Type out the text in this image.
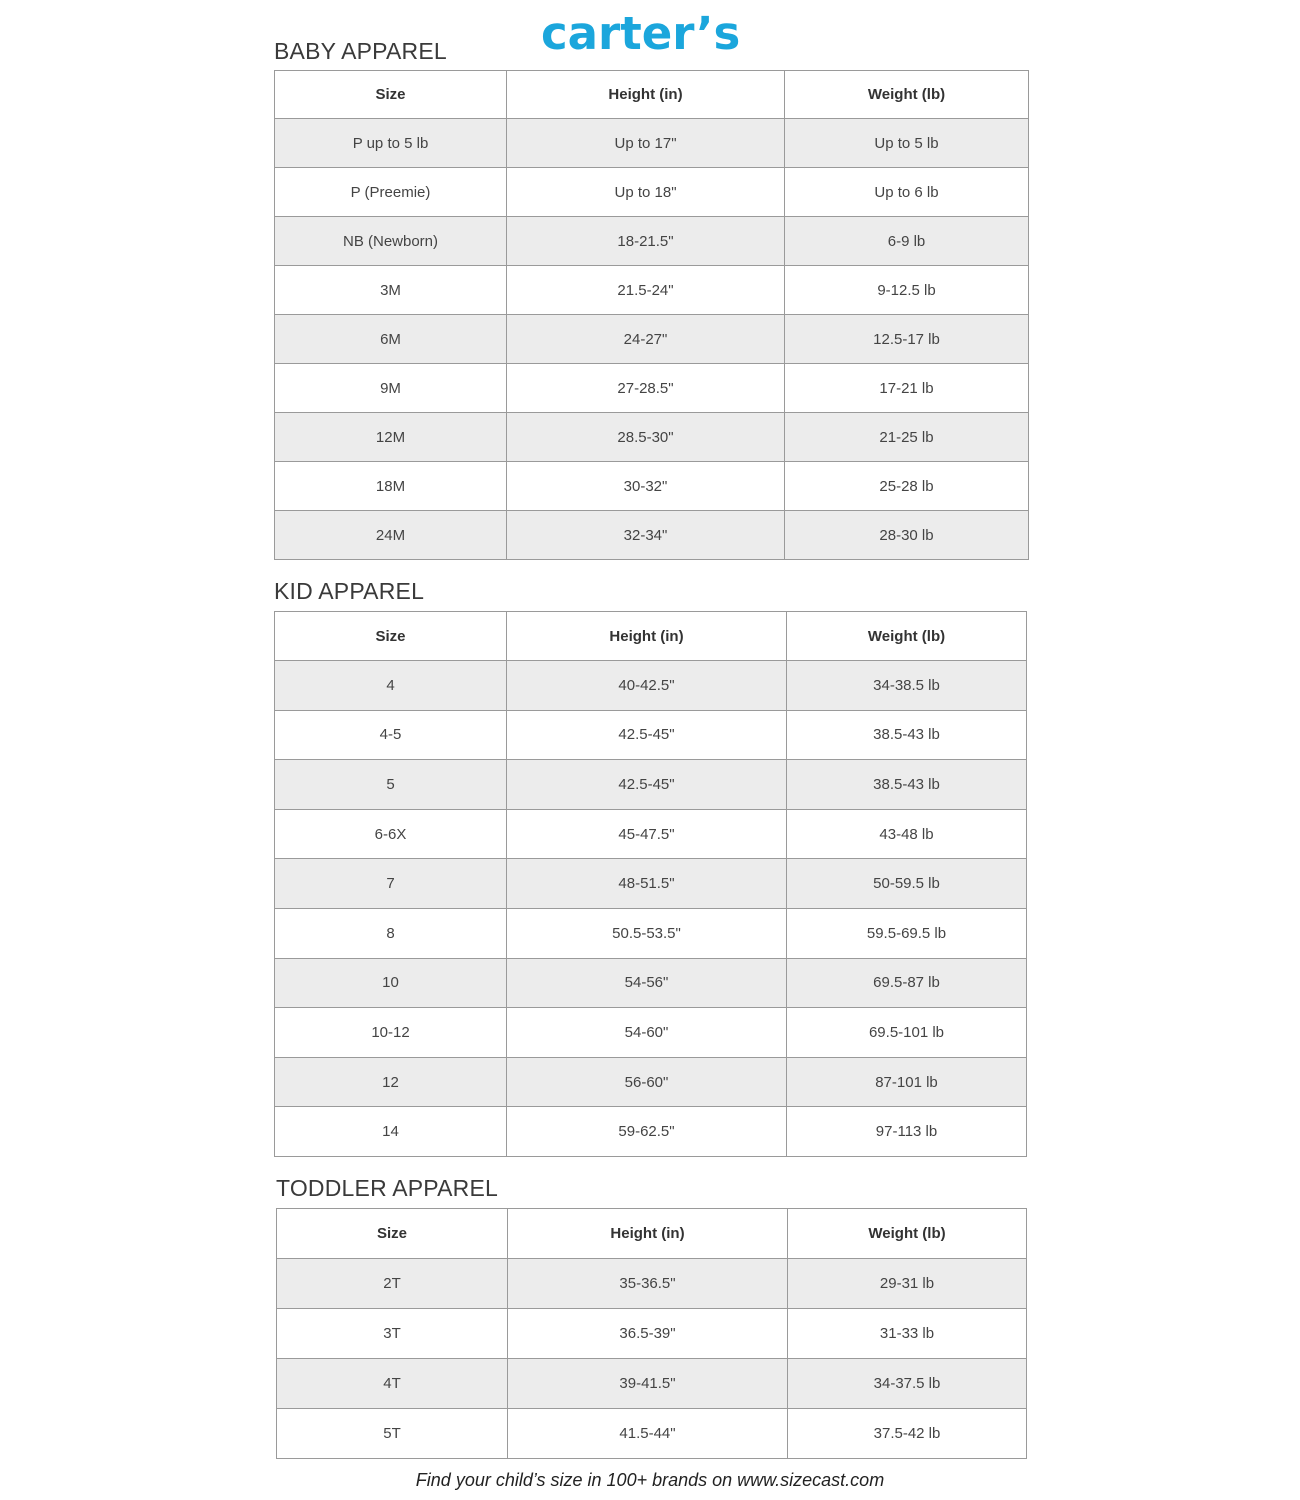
carter’s
BABY APPAREL
Size	Height (in)	Weight (lb)
P up to 5 lb	Up to 17"	Up to 5 lb
P (Preemie)	Up to 18"	Up to 6 lb
NB (Newborn)	18-21.5"	6-9 lb
3M	21.5-24"	9-12.5 lb
6M	24-27"	12.5-17 lb
9M	27-28.5"	17-21 lb
12M	28.5-30"	21-25 lb
18M	30-32"	25-28 lb
24M	32-34"	28-30 lb
KID APPAREL
Size	Height (in)	Weight (lb)
4	40-42.5"	34-38.5 lb
4-5	42.5-45"	38.5-43 lb
5	42.5-45"	38.5-43 lb
6-6X	45-47.5"	43-48 lb
7	48-51.5"	50-59.5 lb
8	50.5-53.5"	59.5-69.5 lb
10	54-56"	69.5-87 lb
10-12	54-60"	69.5-101 lb
12	56-60"	87-101 lb
14	59-62.5"	97-113 lb
TODDLER APPAREL
Size	Height (in)	Weight (lb)
2T	35-36.5"	29-31 lb
3T	36.5-39"	31-33 lb
4T	39-41.5"	34-37.5 lb
5T	41.5-44"	37.5-42 lb
Find your child’s size in 100+ brands on www.sizecast.com
